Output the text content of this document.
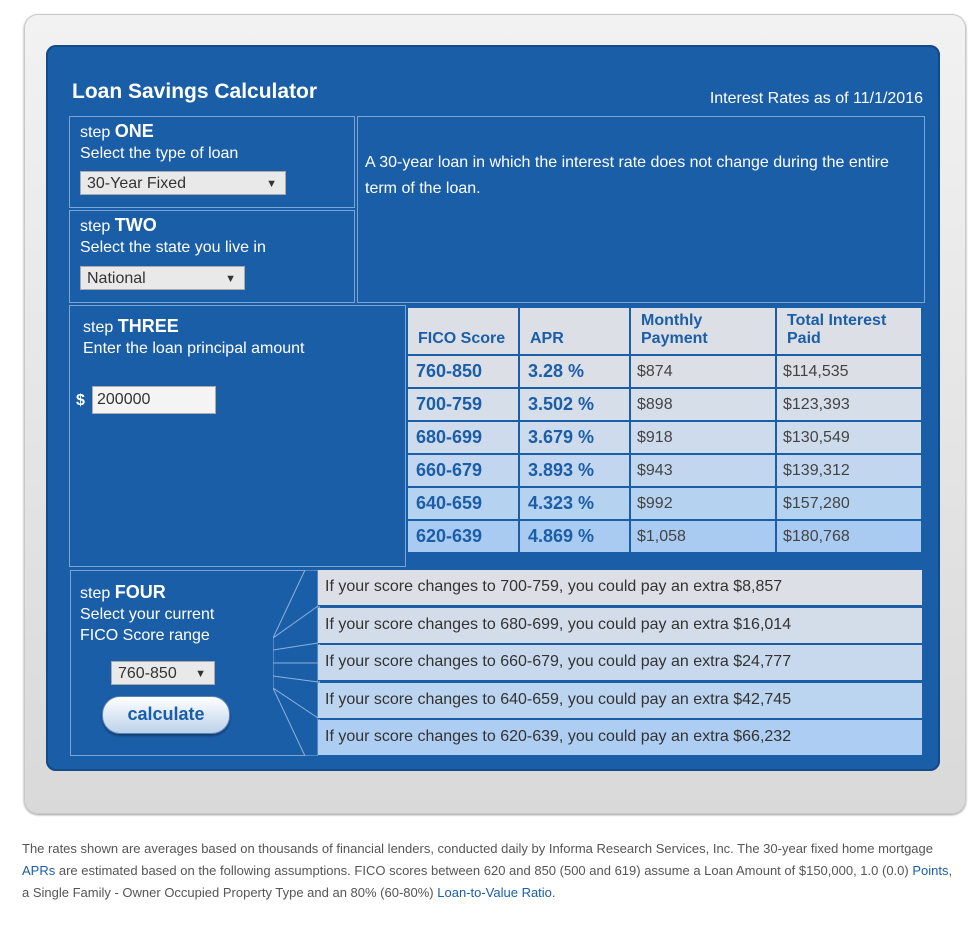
Loan Savings Calculator	Interest Rates as of 11/1/2016
step ONE
Select the type of loan
30-Year Fixed	▼
A 30-year loan in which the interest rate does not change during the entire term of the loan.
step TWO
Select the state you live in
National	▼
step THREE
Enter the loan principal amount
$
200000
FICO Score	APR	Monthly Payment	Total Interest Paid
760-850	3.28 %	$874	$114,535
700-759	3.502 %	$898	$123,393
680-699	3.679 %	$918	$130,549
660-679	3.893 %	$943	$139,312
640-659	4.323 %	$992	$157,280
620-639	4.869 %	$1,058	$180,768
step FOUR
Select your current
FICO Score range
760-850 ▼
calculate
If your score changes to 700-759, you could pay an extra $8,857
If your score changes to 680-699, you could pay an extra $16,014
If your score changes to 660-679, you could pay an extra $24,777
If your score changes to 640-659, you could pay an extra $42,745
If your score changes to 620-639, you could pay an extra $66,232
The rates shown are averages based on thousands of financial lenders, conducted daily by Informa Research Services, Inc. The 30-year fixed home mortgage APRs are estimated based on the following assumptions. FICO scores between 620 and 850 (500 and 619) assume a Loan Amount of $150,000, 1.0 (0.0) Points, a Single Family - Owner Occupied Property Type and an 80% (60-80%) Loan-to-Value Ratio.
